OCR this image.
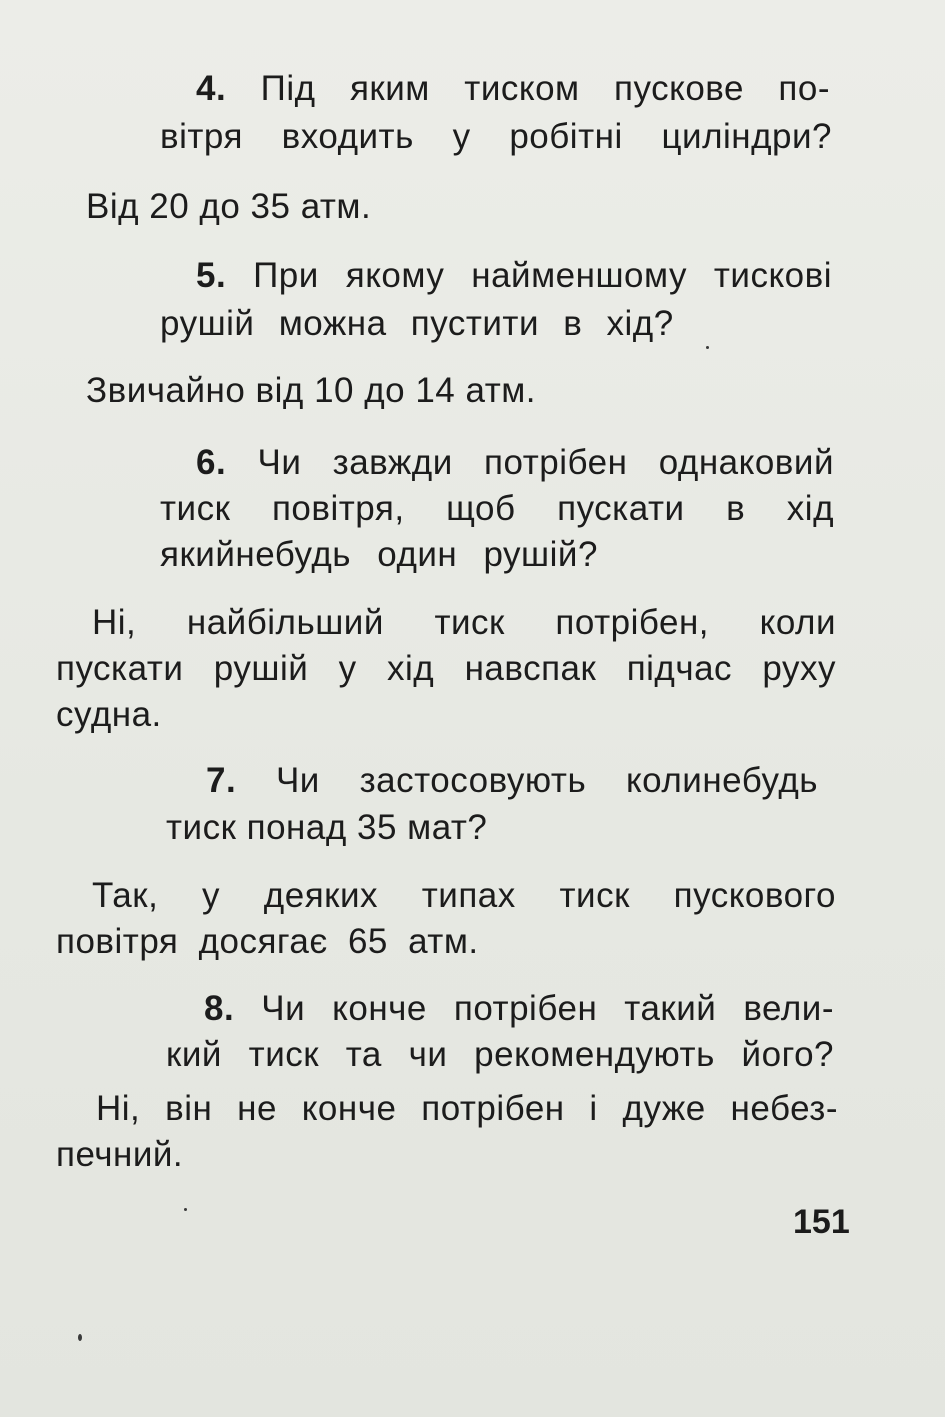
4. Під яким тиском пускове по-
вітря входить у робітні циліндри?
Від 20 до 35 атм.
5. При якому найменшому тискові
рушій можна пустити в хід?
Звичайно від 10 до 14 атм.
6. Чи завжди потрібен однаковий
тиск повітря, щоб пускати в хід
якийнебудь один рушій?
Ні, найбільший тиск потрібен, коли
пускати рушій у хід навспак підчас руху
судна.
7. Чи застосовують колинебудь
тиск понад 35 мат?
Так, у деяких типах тиск пускового
повітря досягає 65 атм.
8. Чи конче потрібен такий вели-
кий тиск та чи рекомендують його?
Ні, він не конче потрібен і дуже небез-
печний.
151
